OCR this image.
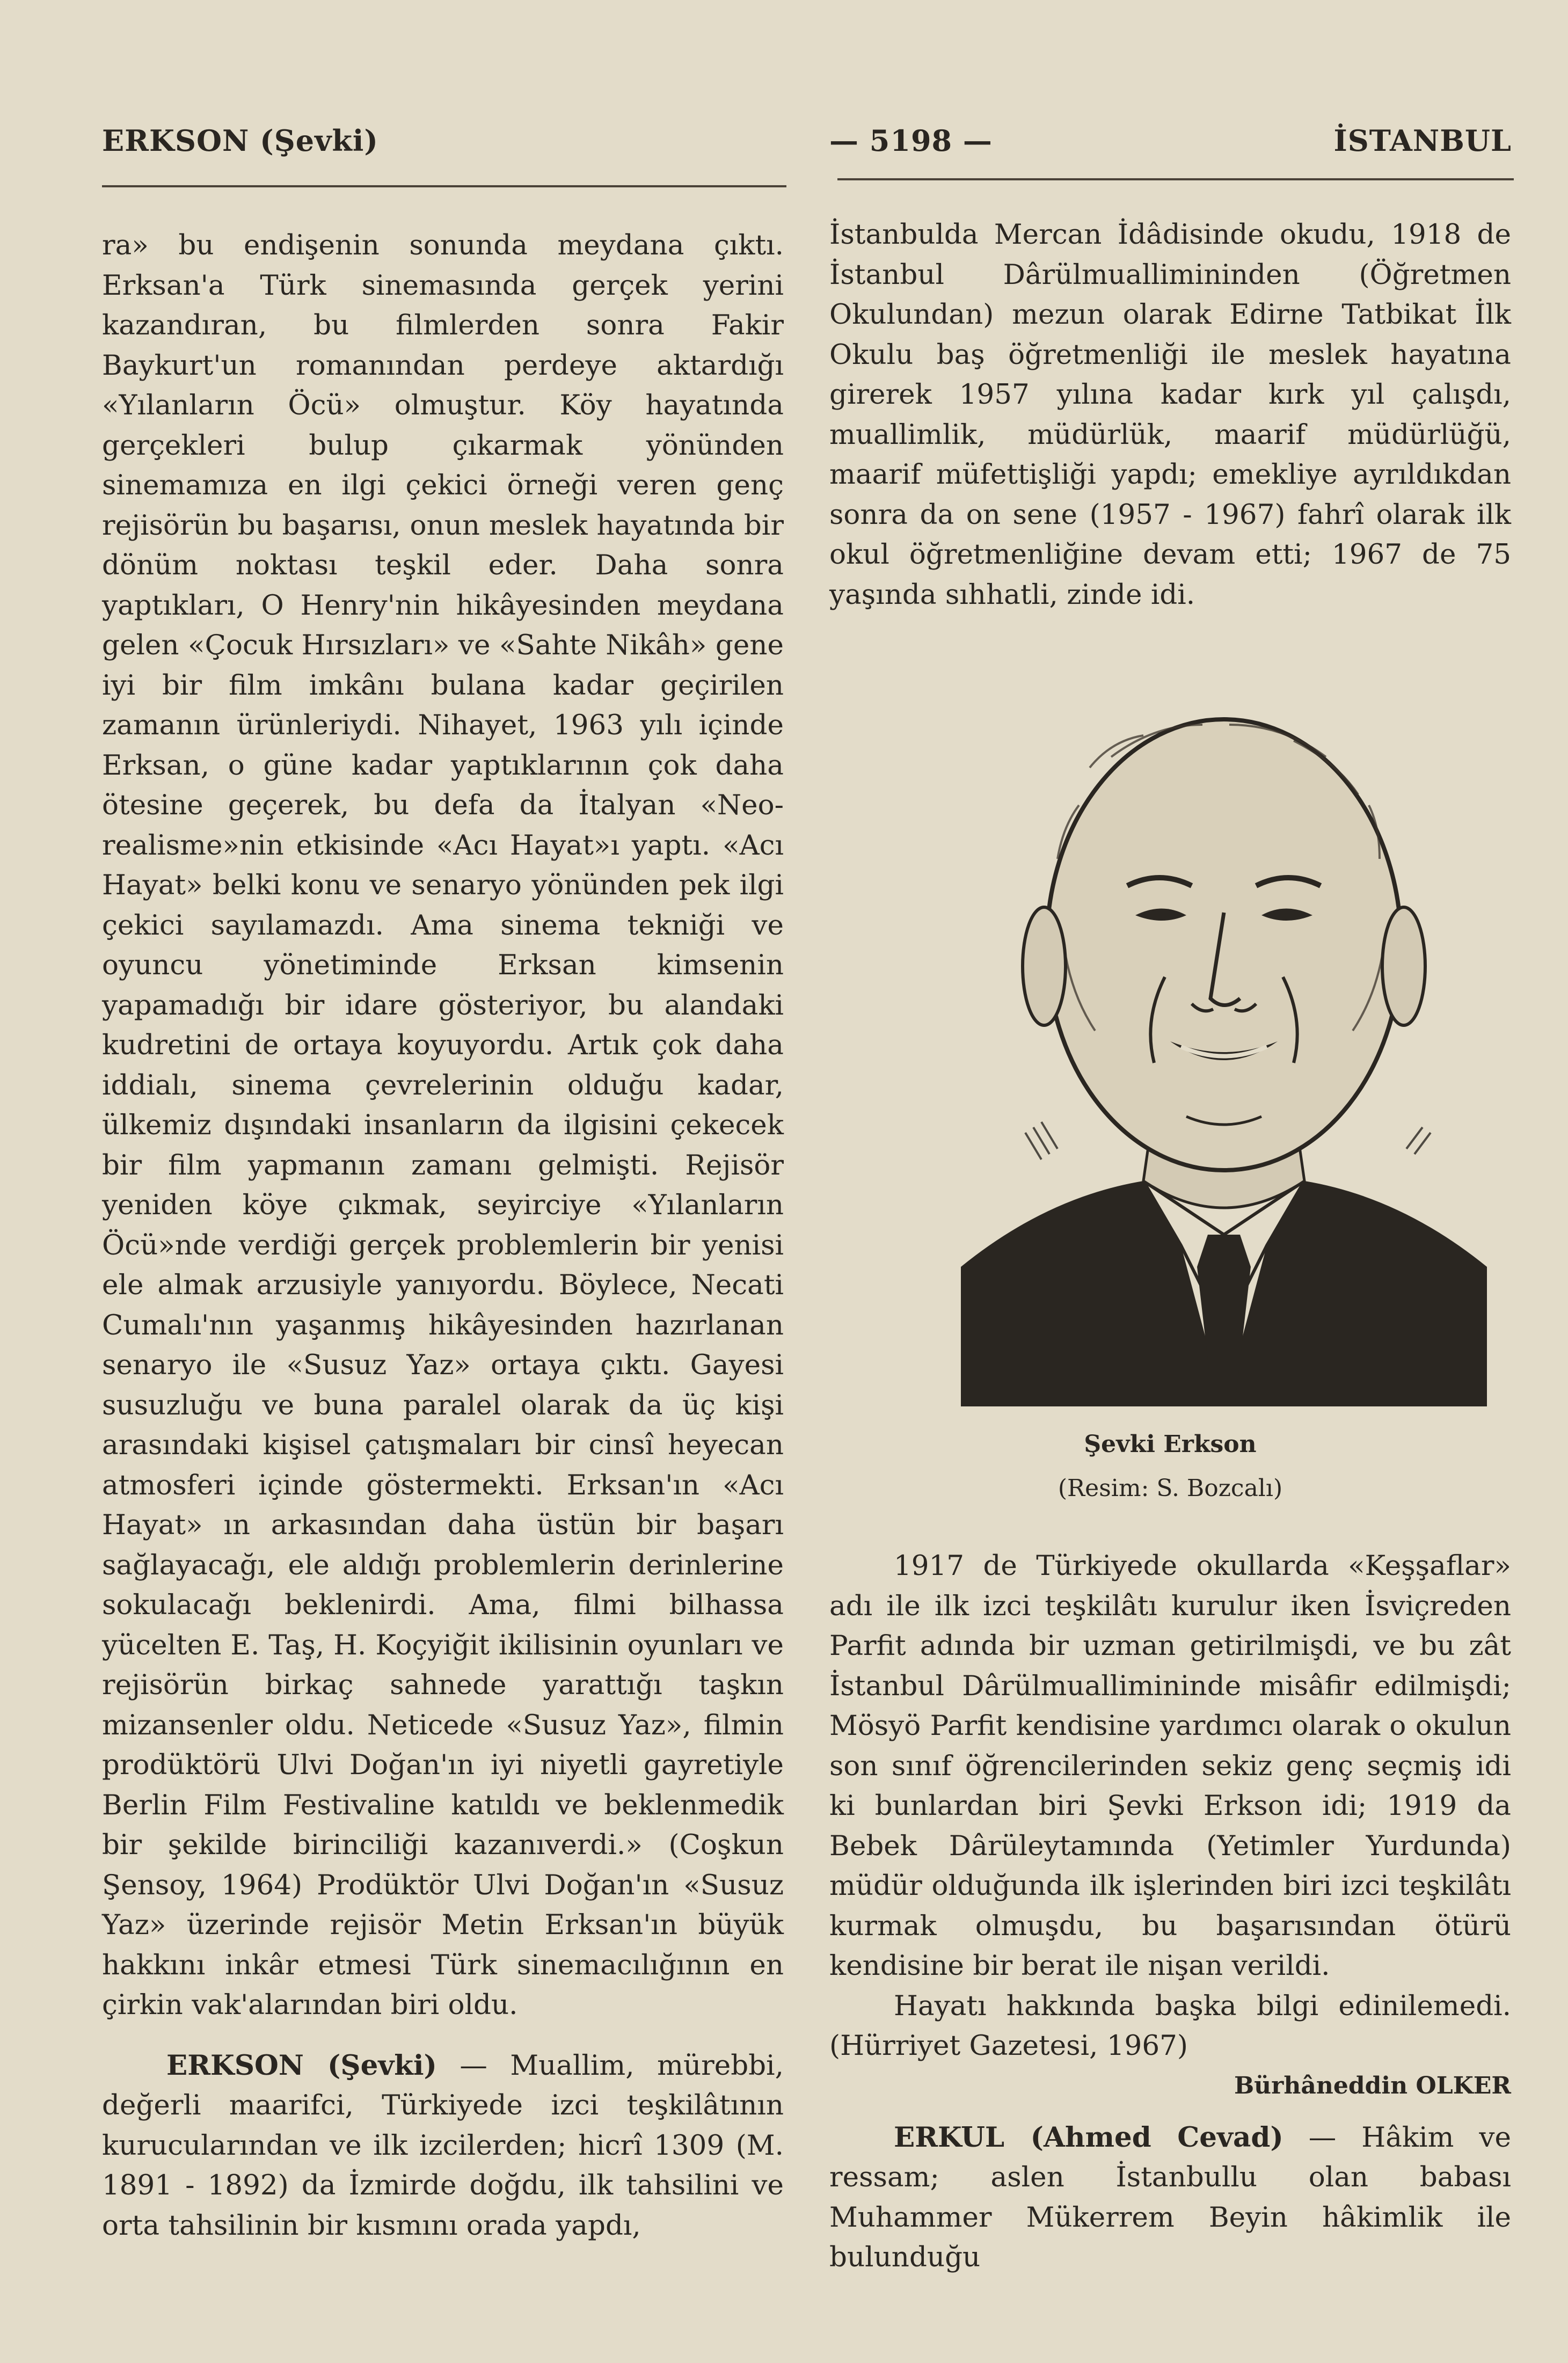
ERKSON (Şevki)	— 5198 —	İSTANBUL

ra» bu endişenin sonunda meydana çıktı. Erksan'a Türk sinemasında gerçek yerini kazandıran, bu filmlerden sonra Fakir Baykurt'un romanından perdeye aktardığı «Yılanların Öcü» olmuştur. Köy hayatında gerçekleri bulup çıkarmak yönünden sinemamıza en ilgi çekici örneği veren genç rejisörün bu başarısı, onun meslek hayatında bir dönüm noktası teşkil eder. Daha sonra yaptıkları, O Henry'nin hikâyesinden meydana gelen «Çocuk Hırsızları» ve «Sahte Nikâh» gene iyi bir film imkânı bulana kadar geçirilen zamanın ürünleriydi. Nihayet, 1963 yılı içinde Erksan, o güne kadar yaptıklarının çok daha ötesine geçerek, bu defa da İtalyan «Neo-realisme»nin etkisinde «Acı Hayat»ı yaptı. «Acı Hayat» belki konu ve senaryo yönünden pek ilgi çekici sayılamazdı. Ama sinema tekniği ve oyuncu yönetiminde Erksan kimsenin yapamadığı bir idare gösteriyor, bu alandaki kudretini de ortaya koyuyordu. Artık çok daha iddialı, sinema çevrelerinin olduğu kadar, ülkemiz dışındaki insanların da ilgisini çekecek bir film yapmanın zamanı gelmişti. Rejisör yeniden köye çıkmak, seyirciye «Yılanların Öcü»nde verdiği gerçek problemlerin bir yenisi ele almak arzusiyle yanıyordu. Böylece, Necati Cumalı'nın yaşanmış hikâyesinden hazırlanan senaryo ile «Susuz Yaz» ortaya çıktı. Gayesi susuzluğu ve buna paralel olarak da üç kişi arasındaki kişisel çatışmaları bir cinsî heyecan atmosferi içinde göstermekti. Erksan'ın «Acı Hayat» ın arkasından daha üstün bir başarı sağlayacağı, ele aldığı problemlerin derinlerine sokulacağı beklenirdi. Ama, filmi bilhassa yücelten E. Taş, H. Koçyiğit ikilisinin oyunları ve rejisörün birkaç sahnede yarattığı taşkın mizansenler oldu. Neticede «Susuz Yaz», filmin prodüktörü Ulvi Doğan'ın iyi niyetli gayretiyle Berlin Film Festivaline katıldı ve beklenmedik bir şekilde birinciliği kazanıverdi.» (Coşkun Şensoy, 1964) Prodüktör Ulvi Doğan'ın «Susuz Yaz» üzerinde rejisör Metin Erksan'ın büyük hakkını inkâr etmesi Türk sinemacılığının en çirkin vak'alarından biri oldu.

ERKSON (Şevki) — Muallim, mürebbi, değerli maarifci, Türkiyede izci teşkilâtının kurucularından ve ilk izcilerden; hicrî 1309 (M. 1891 - 1892) da İzmirde doğdu, ilk tahsilini ve orta tahsilinin bir kısmını orada yapdı,

İstanbulda Mercan İdâdisinde okudu, 1918 de İstanbul Dârülmuallimininden (Öğretmen Okulundan) mezun olarak Edirne Tatbikat İlk Okulu baş öğretmenliği ile meslek hayatına girerek 1957 yılına kadar kırk yıl çalışdı, muallimlik, müdürlük, maarif müdürlüğü, maarif müfettişliği yapdı; emekliye ayrıldıkdan sonra da on sene (1957 - 1967) fahrî olarak ilk okul öğretmenliğine devam etti; 1967 de 75 yaşında sıhhatli, zinde idi.

Şevki Erkson
(Resim: S. Bozcalı)

1917 de Türkiyede okullarda «Keşşaflar» adı ile ilk izci teşkilâtı kurulur iken İsviçreden Parfit adında bir uzman getirilmişdi, ve bu zât İstanbul Dârülmuallimininde misâfir edilmişdi; Mösyö Parfit kendisine yardımcı olarak o okulun son sınıf öğrencilerinden sekiz genç seçmiş idi ki bunlardan biri Şevki Erkson idi; 1919 da Bebek Dârüleytamında (Yetimler Yurdunda) müdür olduğunda ilk işlerinden biri izci teşkilâtı kurmak olmuşdu, bu başarısından ötürü kendisine bir berat ile nişan verildi.

Hayatı hakkında başka bilgi edinilemedi. (Hürriyet Gazetesi, 1967)

Bürhâneddin OLKER

ERKUL (Ahmed Cevad) — Hâkim ve ressam; aslen İstanbullu olan babası Muhammer Mükerrem Beyin hâkimlik ile bulunduğu
